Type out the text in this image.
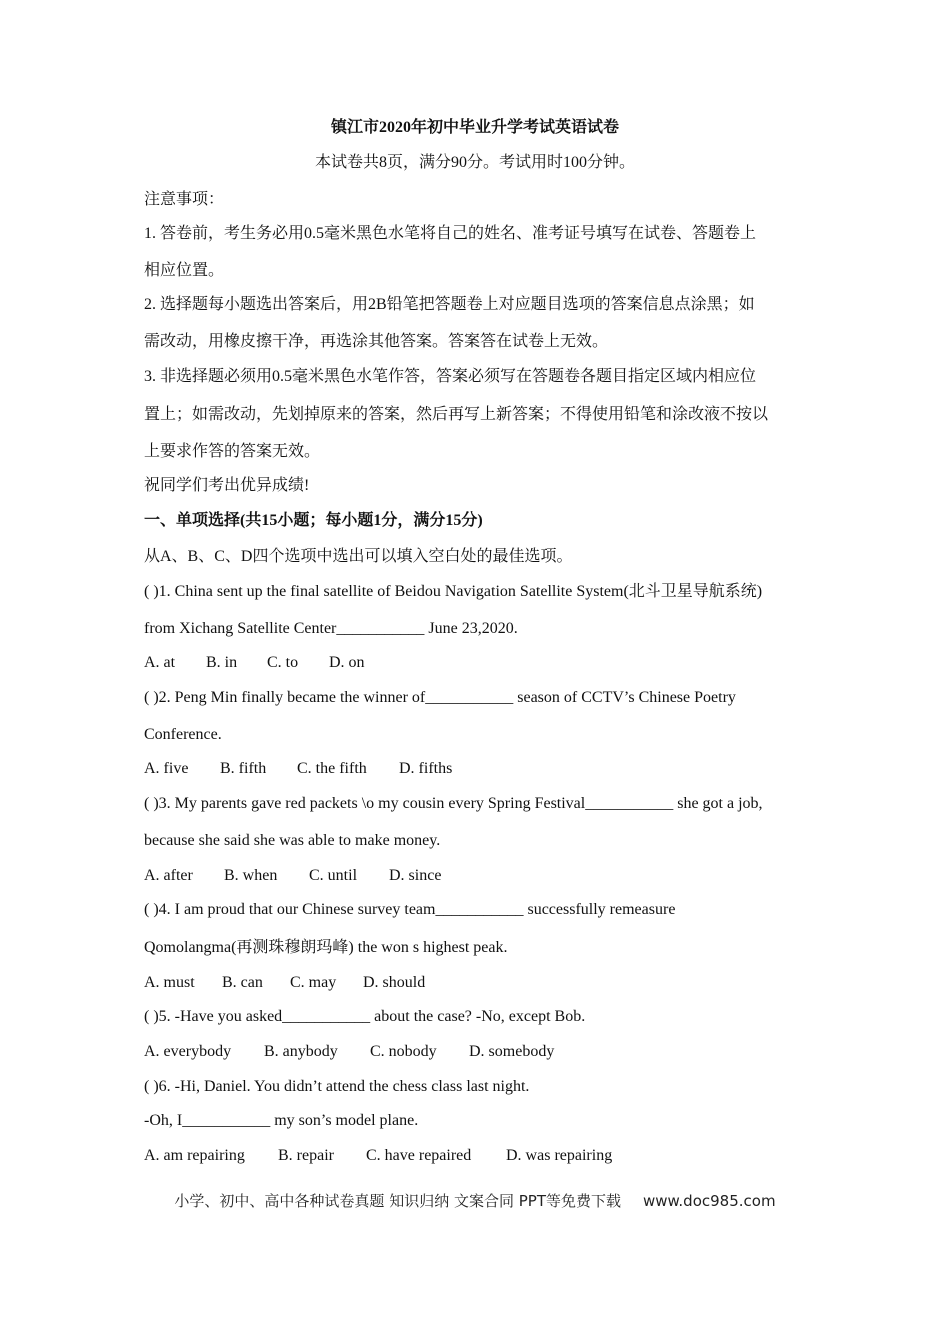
镇江市2020年初中毕业升学考试英语试卷
本试卷共8页，满分90分。考试用时100分钟。
注意事项：
1. 答卷前，考生务必用0.5毫米黑色水笔将自己的姓名、准考证号填写在试卷、答题卷上
相应位置。
2. 选择题每小题选出答案后，用2B铅笔把答题卷上对应题目选项的答案信息点涂黑；如
需改动，用橡皮擦干净，再选涂其他答案。答案答在试卷上无效。
3. 非选择题必须用0.5毫米黑色水笔作答，答案必须写在答题卷各题目指定区域内相应位
置上；如需改动，先划掉原来的答案，然后再写上新答案；不得使用铅笔和涂改液不按以
上要求作答的答案无效。
祝同学们考出优异成绩!
一、单项选择(共15小题；每小题1分，满分15分)
从A、B、C、D四个选项中选出可以填入空白处的最佳选项。
( )1. China sent up the final satellite of Beidou Navigation Satellite System(北斗卫星导航系统)
from Xichang Satellite Center___________ June 23,2020.
A. at B. in C. to D. on
( )2. Peng Min finally became the winner of___________ season of CCTV’s Chinese Poetry
Conference.
A. five B. fifth C. the fifth D. fifths
( )3. My parents gave red packets \o my cousin every Spring Festival___________ she got a job,
because she said she was able to make money.
A. after B. when C. until D. since
( )4. I am proud that our Chinese survey team___________ successfully remeasure
Qomolangma(再测珠穆朗玛峰) the won s highest peak.
A. must B. can C. may D. should
( )5. -Have you asked___________ about the case? -No, except Bob.
A. everybody B. anybody C. nobody D. somebody
( )6. -Hi, Daniel. You didn’t attend the chess class last night.
-Oh, I___________ my son’s model plane.
A. am repairing B. repair C. have repaired D. was repairing
小学、初中、高中各种试卷真题 知识归纳 文案合同 PPT等免费下载 www.doc985.com
